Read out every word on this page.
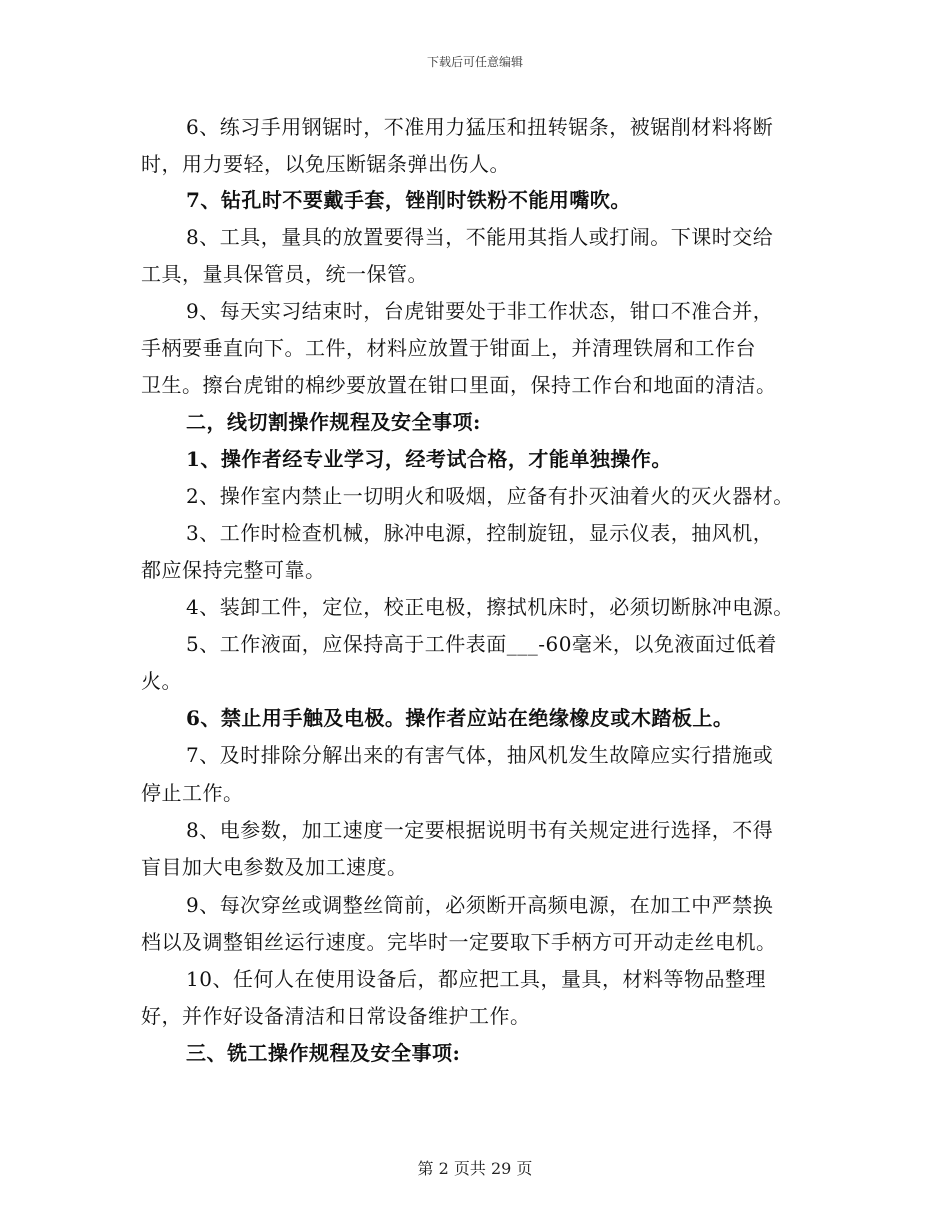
下载后可任意编辑
6、练习手用钢锯时，不准用力猛压和扭转锯条，被锯削材料将断
时，用力要轻，以免压断锯条弹出伤人。
7、钻孔时不要戴手套，锉削时铁粉不能用嘴吹。
8、工具，量具的放置要得当，不能用其指人或打闹。下课时交给
工具，量具保管员，统一保管。
9、每天实习结束时，台虎钳要处于非工作状态，钳口不准合并，
手柄要垂直向下。工件，材料应放置于钳面上，并清理铁屑和工作台
卫生。擦台虎钳的棉纱要放置在钳口里面，保持工作台和地面的清洁。
二，线切割操作规程及安全事项:
1、操作者经专业学习，经考试合格，才能单独操作。
2、操作室内禁止一切明火和吸烟，应备有扑灭油着火的灭火器材。
3、工作时检查机械，脉冲电源，控制旋钮，显示仪表，抽风机，
都应保持完整可靠。
4、装卸工件，定位，校正电极，擦拭机床时，必须切断脉冲电源。
5、工作液面，应保持高于工件表面___-60毫米，以免液面过低着
火。
6、禁止用手触及电极。操作者应站在绝缘橡皮或木踏板上。
7、及时排除分解出来的有害气体，抽风机发生故障应实行措施或
停止工作。
8、电参数，加工速度一定要根据说明书有关规定进行选择，不得
盲目加大电参数及加工速度。
9、每次穿丝或调整丝筒前，必须断开高频电源，在加工中严禁换
档以及调整钼丝运行速度。完毕时一定要取下手柄方可开动走丝电机。
10、任何人在使用设备后，都应把工具，量具，材料等物品整理
好，并作好设备清洁和日常设备维护工作。
三、铣工操作规程及安全事项:
第 2 页共 29 页
